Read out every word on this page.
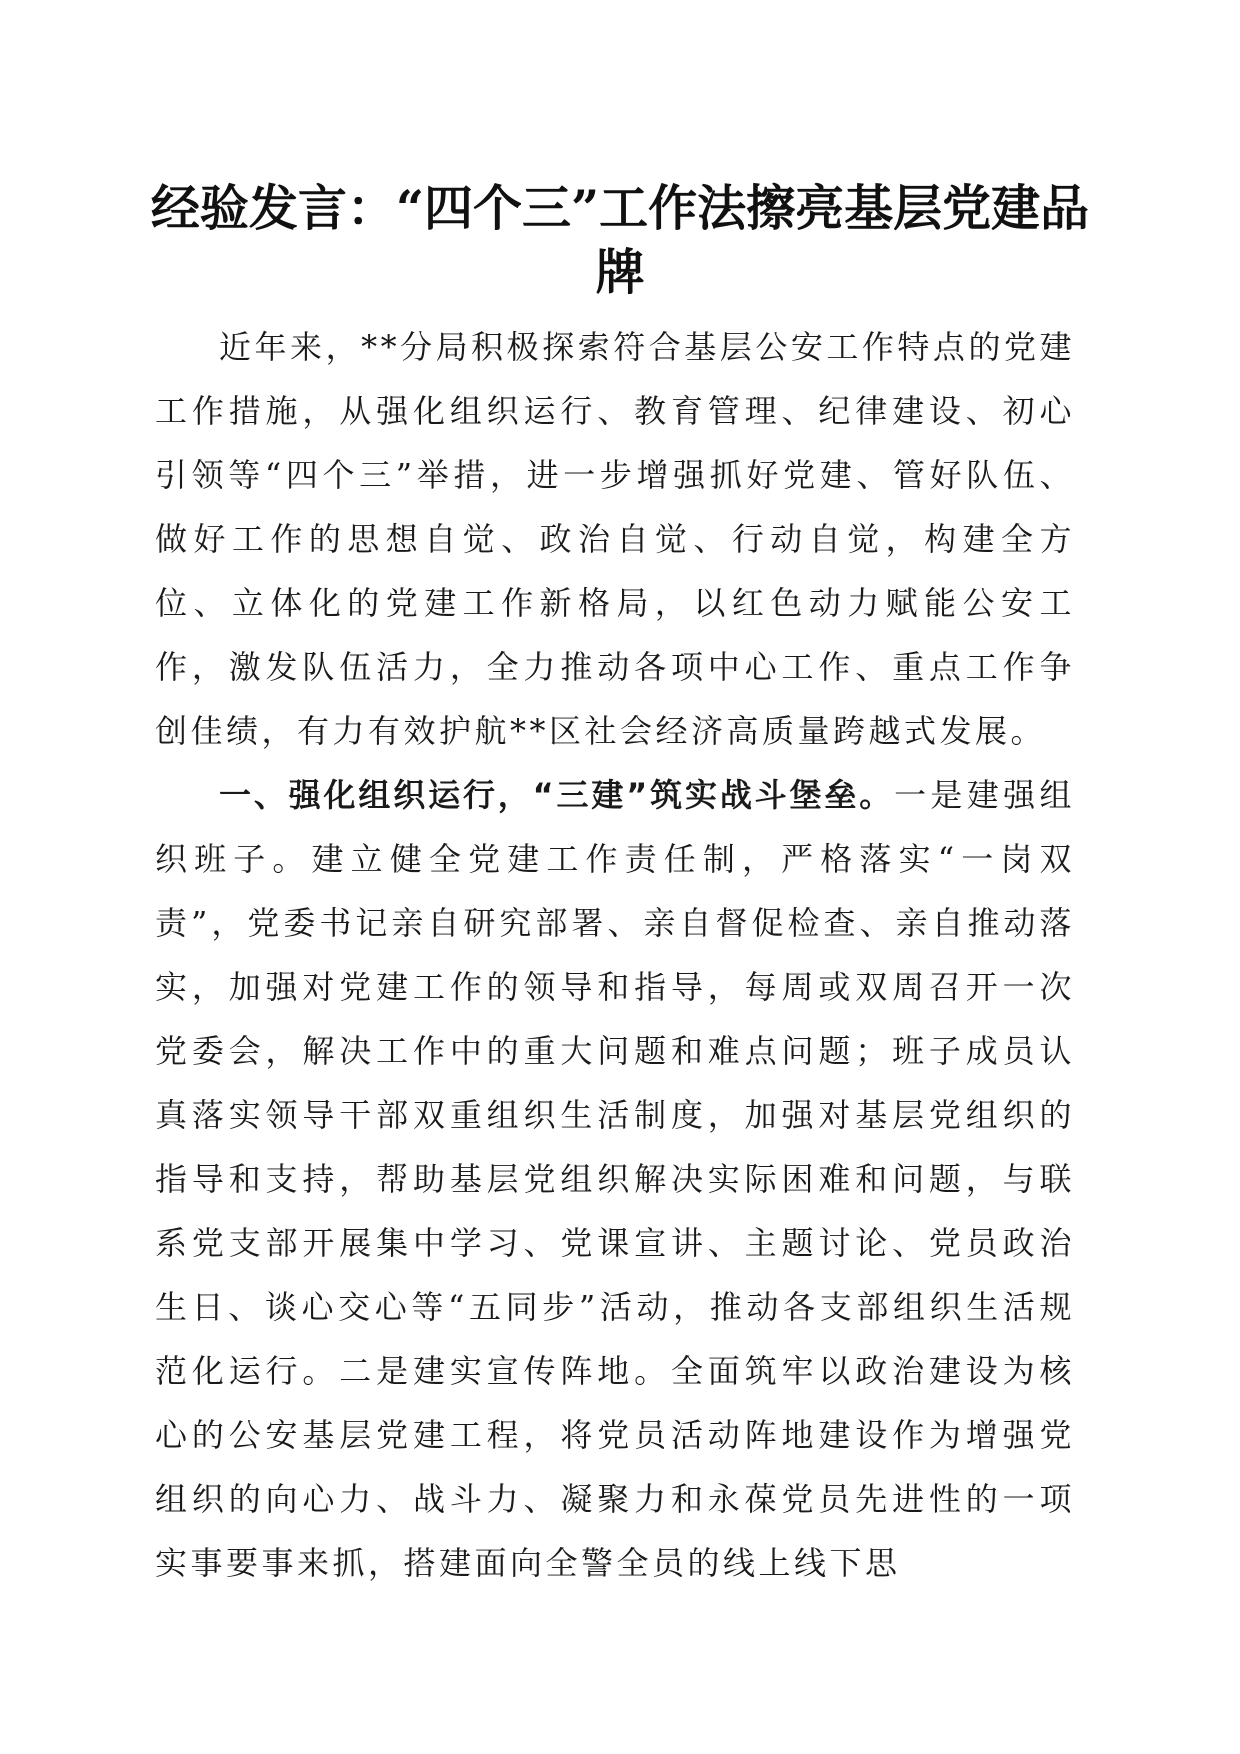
经验发言：“四个三”工作法擦亮基层党建品牌

近年来，**分局积极探索符合基层公安工作特点的党建工作措施，从强化组织运行、教育管理、纪律建设、初心引领等“四个三”举措，进一步增强抓好党建、管好队伍、做好工作的思想自觉、政治自觉、行动自觉，构建全方位、立体化的党建工作新格局，以红色动力赋能公安工作，激发队伍活力，全力推动各项中心工作、重点工作争创佳绩，有力有效护航**区社会经济高质量跨越式发展。

一、强化组织运行，“三建”筑实战斗堡垒。一是建强组织班子。建立健全党建工作责任制，严格落实“一岗双责”，党委书记亲自研究部署、亲自督促检查、亲自推动落实，加强对党建工作的领导和指导，每周或双周召开一次党委会，解决工作中的重大问题和难点问题；班子成员认真落实领导干部双重组织生活制度，加强对基层党组织的指导和支持，帮助基层党组织解决实际困难和问题，与联系党支部开展集中学习、党课宣讲、主题讨论、党员政治生日、谈心交心等“五同步”活动，推动各支部组织生活规范化运行。二是建实宣传阵地。全面筑牢以政治建设为核心的公安基层党建工程，将党员活动阵地建设作为增强党组织的向心力、战斗力、凝聚力和永葆党员先进性的一项实事要事来抓，搭建面向全警全员的线上线下思
